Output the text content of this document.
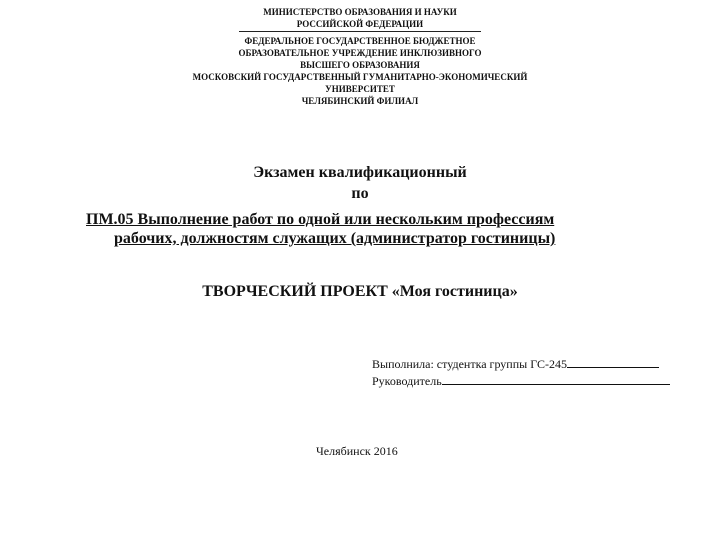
МИНИСТЕРСТВО ОБРАЗОВАНИЯ И НАУКИ
РОССИЙСКОЙ ФЕДЕРАЦИИ
ФЕДЕРАЛЬНОЕ ГОСУДАРСТВЕННОЕ БЮДЖЕТНОЕ
ОБРАЗОВАТЕЛЬНОЕ УЧРЕЖДЕНИЕ ИНКЛЮЗИВНОГО
ВЫСШЕГО ОБРАЗОВАНИЯ
МОСКОВСКИЙ ГОСУДАРСТВЕННЫЙ ГУМАНИТАРНО-ЭКОНОМИЧЕСКИЙ
УНИВЕРСИТЕТ
ЧЕЛЯБИНСКИЙ ФИЛИАЛ
Экзамен квалификационный
по
ПМ.05 Выполнение работ по одной или нескольким профессиям
рабочих, должностям служащих (администратор гостиницы)
ТВОРЧЕСКИЙ ПРОЕКТ «Моя гостиница»
Выполнила: студентка группы ГС-245
Руководитель
Челябинск 2016
